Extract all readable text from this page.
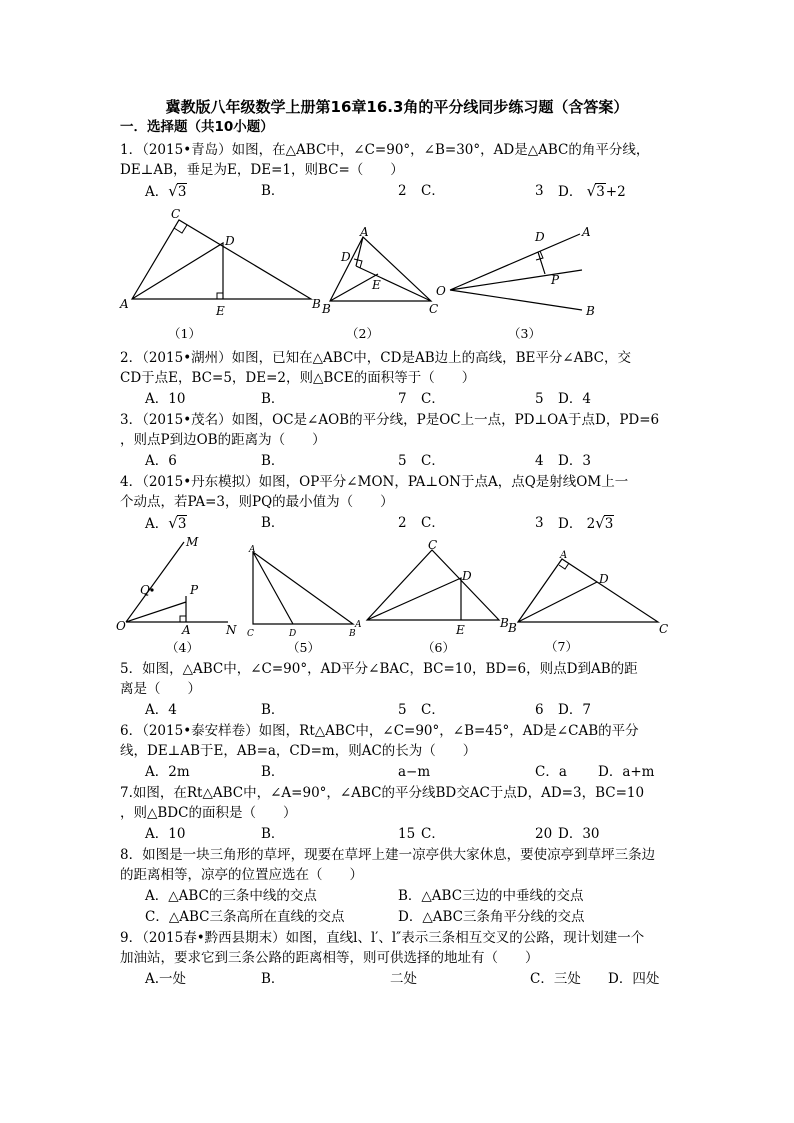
冀教版八年级数学上册第16章16.3角的平分线同步练习题（含答案）
一．选择题（共10小题）
1．（2015•青岛）如图，在△ABC中，∠C=90°，∠B=30°，AD是△ABC的角平分线，
DE⊥AB，垂足为E，DE=1，则BC=（　　）
A．√3	B．	2 C．	3 D． √3+2
C
D
A	E	B
（1）
A
D
E
B	C
（2）
D	A
P
O
B
（3）
2．（2015•湖州）如图，已知在△ABC中，CD是AB边上的高线，BE平分∠ABC，交
CD于点E，BC=5，DE=2，则△BCE的面积等于（　　）
A．10	B．	7 C．	5 D．4
3．（2015•茂名）如图，OC是∠AOB的平分线，P是OC上一点，PD⊥OA于点D，PD=6
，则点P到边OB的距离为（　　）
A．6	B．	5 C．	4 D．3
4．（2015•丹东模拟）如图，OP平分∠MON，PA⊥ON于点A，点Q是射线OM上一
个动点，若PA=3，则PQ的最小值为（　　）
A．√3	B．	2 C．	3 D． 2√3
M
Q	P
O	A	N
（4）
A
C	D	B
（5）
C
D
A	E	B
（6）
A
D
B	C
（7）
5．如图，△ABC中，∠C=90°，AD平分∠BAC，BC=10，BD=6，则点D到AB的距
离是（　　）
A．4	B．	5 C．	6 D．7
6．（2015•泰安样卷）如图，Rt△ABC中，∠C=90°，∠B=45°，AD是∠CAB的平分
线，DE⊥AB于E，AB=a，CD=m，则AC的长为（　　）
A．2m	B．	a−m	C．a D．a+m
7.如图，在Rt△ABC中，∠A=90°，∠ABC的平分线BD交AC于点D，AD=3，BC=10
，则△BDC的面积是（　　）
A．10	B．	15 C．	20 D．30
8．如图是一块三角形的草坪，现要在草坪上建一凉亭供大家休息，要使凉亭到草坪三条边
的距离相等，凉亭的位置应选在（　　）
A．△ABC的三条中线的交点	B．△ABC三边的中垂线的交点
C．△ABC三条高所在直线的交点	D．△ABC三条角平分线的交点
9．（2015春•黔西县期末）如图，直线l、l′、l″表示三条相互交叉的公路，现计划建一个
加油站，要求它到三条公路的距离相等，则可供选择的地址有（　　）
A.一处	B．	二处	C．三处 D．四处
